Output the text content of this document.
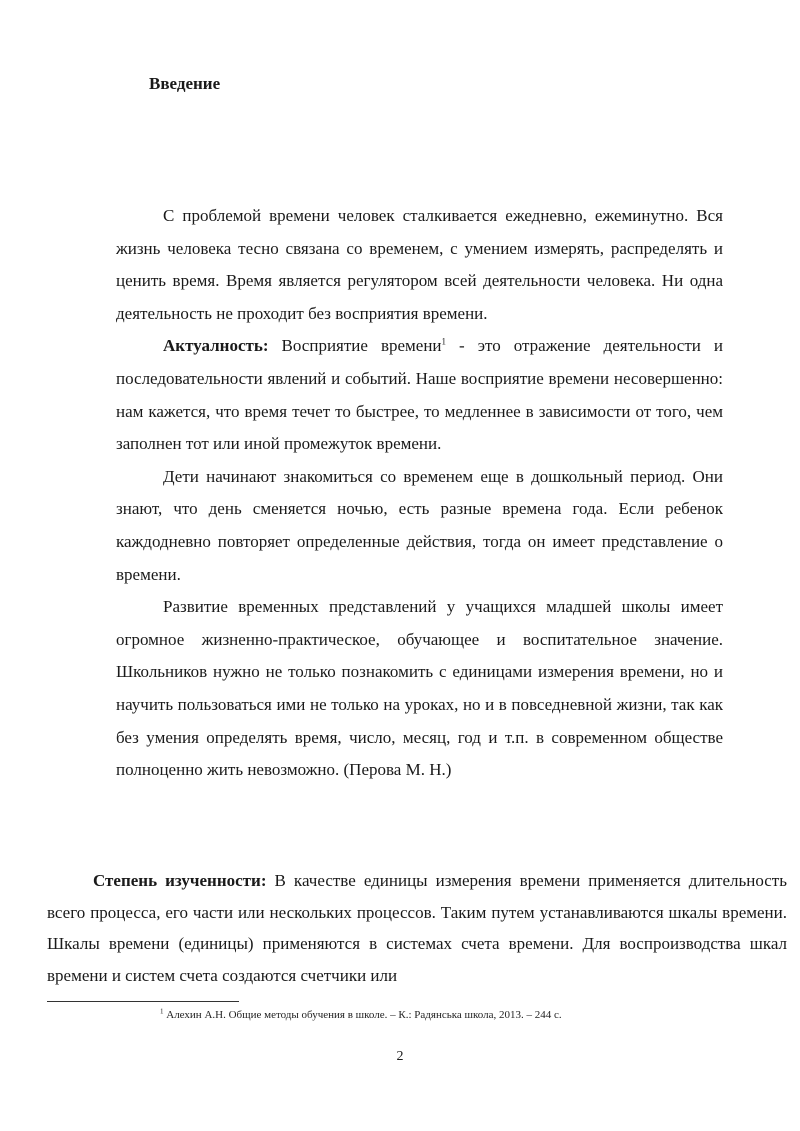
Введение

С проблемой времени человек сталкивается ежедневно, ежеминутно. Вся жизнь человека тесно связана со временем, с умением измерять, распределять и ценить время. Время является регулятором всей деятельности человека. Ни одна деятельность не проходит без восприятия времени.

Актуалность: Восприятие времени$^1$ - это отражение деятельности и последовательности явлений и событий. Наше восприятие времени несовершенно: нам кажется, что время течет то быстрее, то медленнее в зависимости от того, чем заполнен тот или иной промежуток времени.

Дети начинают знакомиться со временем еще в дошкольный период. Они знают, что день сменяется ночью, есть разные времена года. Если ребенок каждодневно повторяет определенные действия, тогда он имеет представление о времени.

Развитие временных представлений у учащихся младшей школы имеет огромное жизненно-практическое, обучающее и воспитательное значение. Школьников нужно не только познакомить с единицами измерения времени, но и научить пользоваться ими не только на уроках, но и в повседневной жизни, так как без умения определять время, число, месяц, год и т.п. в современном обществе полноценно жить невозможно. (Перова М. Н.)

Степень изученности: В качестве единицы измерения времени применяется длительность всего процесса, его части или нескольких процессов. Таким путем устанавливаются шкалы времени. Шкалы времени (единицы) применяются в системах счета времени. Для воспроизводства шкал времени и систем счета создаются счетчики или

$^1$ Алехин А.Н. Общие методы обучения в школе. – К.: Радянська школа, 2013. – 244 с.
2
